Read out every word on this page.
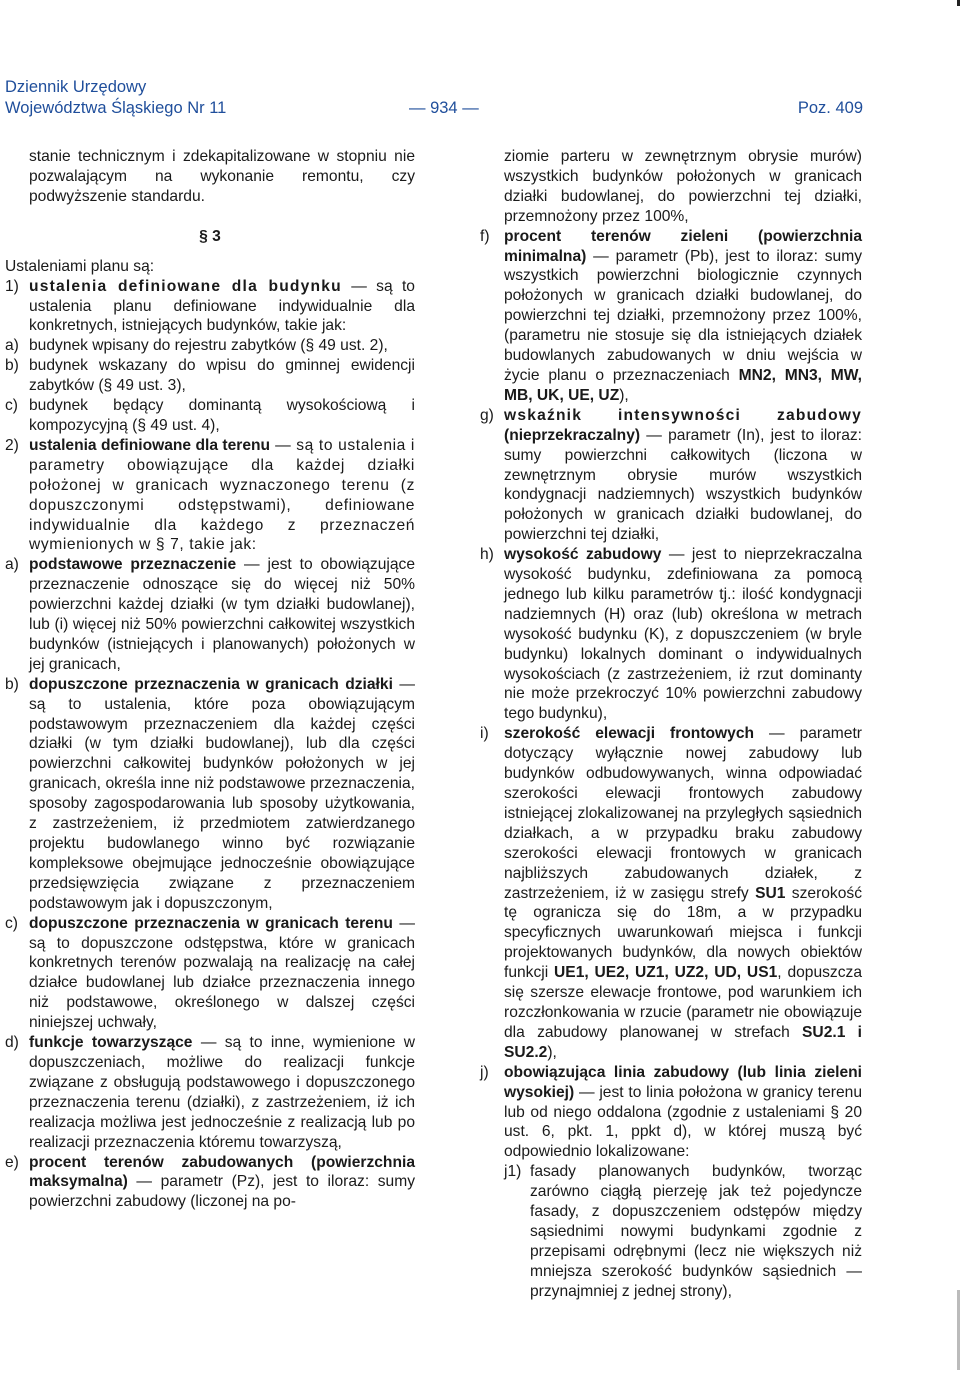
Dziennik Urzędowy
Województwa Śląskiego Nr 11	— 934 —	Poz. 409

stanie technicznym i zdekapitalizowane w stopniu nie pozwalającym na wykonanie remontu, czy podwyższenie standardu.

§ 3

Ustaleniami planu są:

1) ustalenia definiowane dla budynku — są to ustalenia planu definiowane indywidualnie dla konkretnych, istniejących budynków, takie jak:
a) budynek wpisany do rejestru zabytków (§ 49 ust. 2),
b) budynek wskazany do wpisu do gminnej ewidencji zabytków (§ 49 ust. 3),
c) budynek będący dominantą wysokościową i kompozycyjną (§ 49 ust. 4),
2) ustalenia definiowane dla terenu — są to ustalenia i parametry obowiązujące dla każdej działki położonej w granicach wyznaczonego terenu (z dopuszczonymi odstępstwami), definiowane indywidualnie dla każdego z przeznaczeń wymienionych w § 7, takie jak:
a) podstawowe przeznaczenie — jest to obowiązujące przeznaczenie odnoszące się do więcej niż 50% powierzchni każdej działki (w tym działki budowlanej), lub (i) więcej niż 50% powierzchni całkowitej wszystkich budynków (istniejących i planowanych) położonych w jej granicach,
b) dopuszczone przeznaczenia w granicach działki — są to ustalenia, które poza obowiązującym podstawowym przeznaczeniem dla każdej części działki (w tym działki budowlanej), lub dla części powierzchni całkowitej budynków położonych w jej granicach, określa inne niż podstawowe przeznaczenia, sposoby zagospodarowania lub sposoby użytkowania, z zastrzeżeniem, iż przedmiotem zatwierdzanego projektu budowlanego winno być rozwiązanie kompleksowe obejmujące jednocześnie obowiązujące przedsięwzięcia związane z przeznaczeniem podstawowym jak i dopuszczonym,
c) dopuszczone przeznaczenia w granicach terenu — są to dopuszczone odstępstwa, które w granicach konkretnych terenów pozwalają na realizację na całej działce budowlanej lub działce przeznaczenia innego niż podstawowe, określonego w dalszej części niniejszej uchwały,
d) funkcje towarzyszące — są to inne, wymienione w dopuszczeniach, możliwe do realizacji funkcje związane z obsługują podstawowego i dopuszczonego przeznaczenia terenu (działki), z zastrzeżeniem, iż ich realizacja możliwa jest jednocześnie z realizacją lub po realizacji przeznaczenia któremu towarzyszą,
e) procent terenów zabudowanych (powierzchnia maksymalna) — parametr (Pz), jest to iloraz: sumy powierzchni zabudowy (liczonej na po-

ziomie parteru w zewnętrznym obrysie murów) wszystkich budynków położonych w granicach działki budowlanej, do powierzchni tej działki, przemnożony przez 100%,

f) procent terenów zieleni (powierzchnia minimalna) — parametr (Pb), jest to iloraz: sumy wszystkich powierzchni biologicznie czynnych położonych w granicach działki budowlanej, do powierzchni tej działki, przemnożony przez 100%, (parametru nie stosuje się dla istniejących działek budowlanych zabudowanych w dniu wejścia w życie planu o przeznaczeniach MN2, MN3, MW, MB, UK, UE, UZ),
g) wskaźnik intensywności zabudowy (nieprzekraczalny) — parametr (In), jest to iloraz: sumy powierzchni całkowitych (liczona w zewnętrznym obrysie murów wszystkich kondygnacji nadziemnych) wszystkich budynków położonych w granicach działki budowlanej, do powierzchni tej działki,
h) wysokość zabudowy — jest to nieprzekraczalna wysokość budynku, zdefiniowana za pomocą jednego lub kilku parametrów tj.: ilość kondygnacji nadziemnych (H) oraz (lub) określona w metrach wysokość budynku (K), z dopuszczeniem (w bryle budynku) lokalnych dominant o indywidualnych wysokościach (z zastrzeżeniem, iż rzut dominanty nie może przekroczyć 10% powierzchni zabudowy tego budynku),
i) szerokość elewacji frontowych — parametr dotyczący wyłącznie nowej zabudowy lub budynków odbudowywanych, winna odpowiadać szerokości elewacji frontowych zabudowy istniejącej zlokalizowanej na przyległych sąsiednich działkach, a w przypadku braku zabudowy szerokości elewacji frontowych w granicach najbliższych zabudowanych działek, z zastrzeżeniem, iż w zasięgu strefy SU1 szerokość tę ogranicza się do 18m, a w przypadku specyficznych uwarunkowań miejsca i funkcji projektowanych budynków, dla nowych obiektów funkcji UE1, UE2, UZ1, UZ2, UD, US1, dopuszcza się szersze elewacje frontowe, pod warunkiem ich rozczłonkowania w rzucie (parametr nie obowiązuje dla zabudowy planowanej w strefach SU2.1 i SU2.2),
j) obowiązująca linia zabudowy (lub linia zieleni wysokiej) — jest to linia położona w granicy terenu lub od niego oddalona (zgodnie z ustaleniami § 20 ust. 6, pkt. 1, ppkt d), w której muszą być odpowiednio lokalizowane:
j1) fasady planowanych budynków, tworząc zarówno ciągłą pierzeję jak też pojedyncze fasady, z dopuszczeniem odstępów między sąsiednimi nowymi budynkami zgodnie z przepisami odrębnymi (lecz nie większych niż mniejsza szerokość budynków sąsiednich — przynajmniej z jednej strony),
